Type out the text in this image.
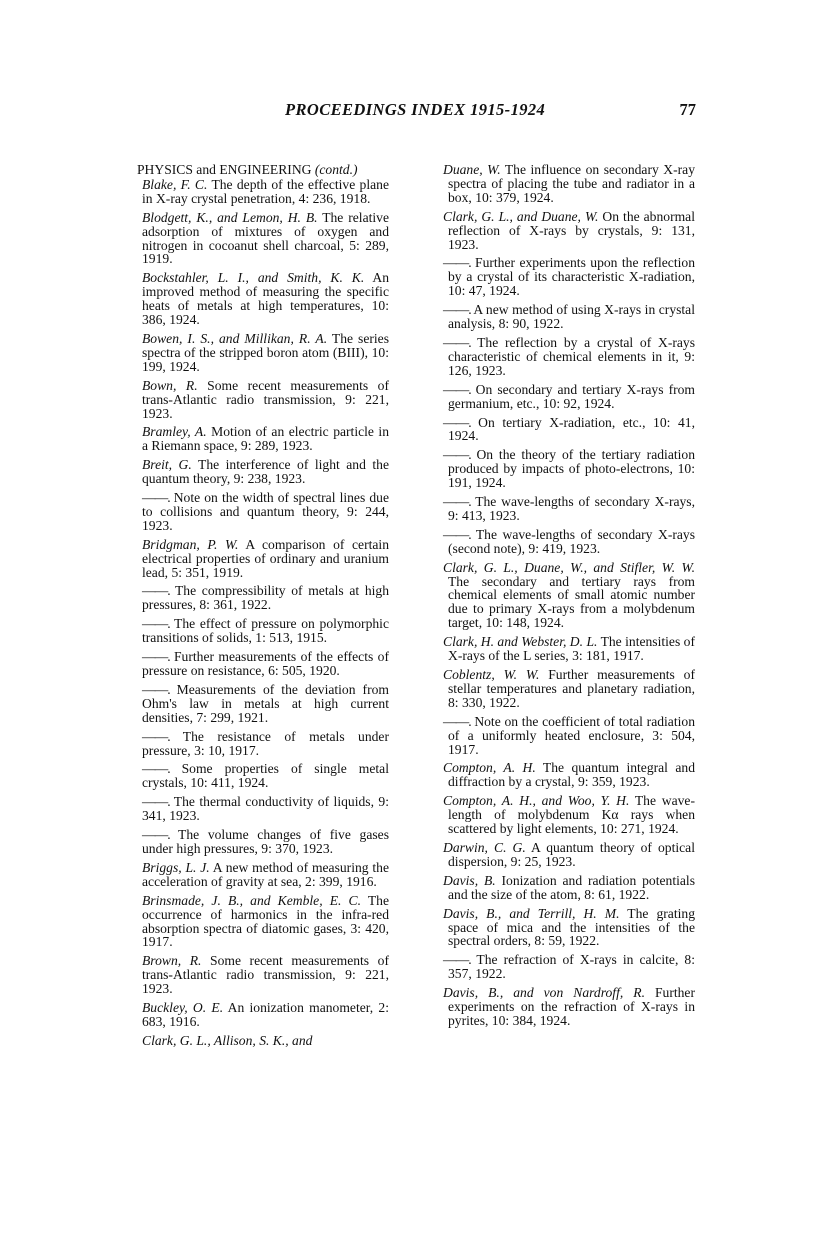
PROCEEDINGS INDEX 1915-1924	77
PHYSICS and ENGINEERING (contd.)

Blake, F. C. The depth of the effective plane in X-ray crystal penetration, 4: 236, 1918.

Blodgett, K., and Lemon, H. B. The relative adsorption of mixtures of oxygen and nitrogen in cocoanut shell charcoal, 5: 289, 1919.

Bockstahler, L. I., and Smith, K. K. An improved method of measuring the specific heats of metals at high temperatures, 10: 386, 1924.

Bowen, I. S., and Millikan, R. A. The series spectra of the stripped boron atom (BIII), 10: 199, 1924.

Bown, R. Some recent measurements of trans-Atlantic radio transmission, 9: 221, 1923.

Bramley, A. Motion of an electric particle in a Riemann space, 9: 289, 1923.

Breit, G. The interference of light and the quantum theory, 9: 238, 1923.

——. Note on the width of spectral lines due to collisions and quantum theory, 9: 244, 1923.

Bridgman, P. W. A comparison of certain electrical properties of ordinary and uranium lead, 5: 351, 1919.

——. The compressibility of metals at high pressures, 8: 361, 1922.

——. The effect of pressure on polymorphic transitions of solids, 1: 513, 1915.

——. Further measurements of the effects of pressure on resistance, 6: 505, 1920.

——. Measurements of the deviation from Ohm's law in metals at high current densities, 7: 299, 1921.

——. The resistance of metals under pressure, 3: 10, 1917.

——. Some properties of single metal crystals, 10: 411, 1924.

——. The thermal conductivity of liquids, 9: 341, 1923.

——. The volume changes of five gases under high pressures, 9: 370, 1923.

Briggs, L. J. A new method of measuring the acceleration of gravity at sea, 2: 399, 1916.

Brinsmade, J. B., and Kemble, E. C. The occurrence of harmonics in the infra-red absorption spectra of diatomic gases, 3: 420, 1917.

Brown, R. Some recent measurements of trans-Atlantic radio transmission, 9: 221, 1923.

Buckley, O. E. An ionization manometer, 2: 683, 1916.

Clark, G. L., Allison, S. K., and

Duane, W. The influence on secondary X-ray spectra of placing the tube and radiator in a box, 10: 379, 1924.

Clark, G. L., and Duane, W. On the abnormal reflection of X-rays by crystals, 9: 131, 1923.

——. Further experiments upon the reflection by a crystal of its characteristic X-radiation, 10: 47, 1924.

——. A new method of using X-rays in crystal analysis, 8: 90, 1922.

——. The reflection by a crystal of X-rays characteristic of chemical elements in it, 9: 126, 1923.

——. On secondary and tertiary X-rays from germanium, etc., 10: 92, 1924.

——. On tertiary X-radiation, etc., 10: 41, 1924.

——. On the theory of the tertiary radiation produced by impacts of photo-electrons, 10: 191, 1924.

——. The wave-lengths of secondary X-rays, 9: 413, 1923.

——. The wave-lengths of secondary X-rays (second note), 9: 419, 1923.

Clark, G. L., Duane, W., and Stifler, W. W. The secondary and tertiary rays from chemical elements of small atomic number due to primary X-rays from a molybdenum target, 10: 148, 1924.

Clark, H. and Webster, D. L. The intensities of X-rays of the L series, 3: 181, 1917.

Coblentz, W. W. Further measurements of stellar temperatures and planetary radiation, 8: 330, 1922.

——. Note on the coefficient of total radiation of a uniformly heated enclosure, 3: 504, 1917.

Compton, A. H. The quantum integral and diffraction by a crystal, 9: 359, 1923.

Compton, A. H., and Woo, Y. H. The wave-length of molybdenum Kα rays when scattered by light elements, 10: 271, 1924.

Darwin, C. G. A quantum theory of optical dispersion, 9: 25, 1923.

Davis, B. Ionization and radiation potentials and the size of the atom, 8: 61, 1922.

Davis, B., and Terrill, H. M. The grating space of mica and the intensities of the spectral orders, 8: 59, 1922.

——. The refraction of X-rays in calcite, 8: 357, 1922.

Davis, B., and von Nardroff, R. Further experiments on the refraction of X-rays in pyrites, 10: 384, 1924.
